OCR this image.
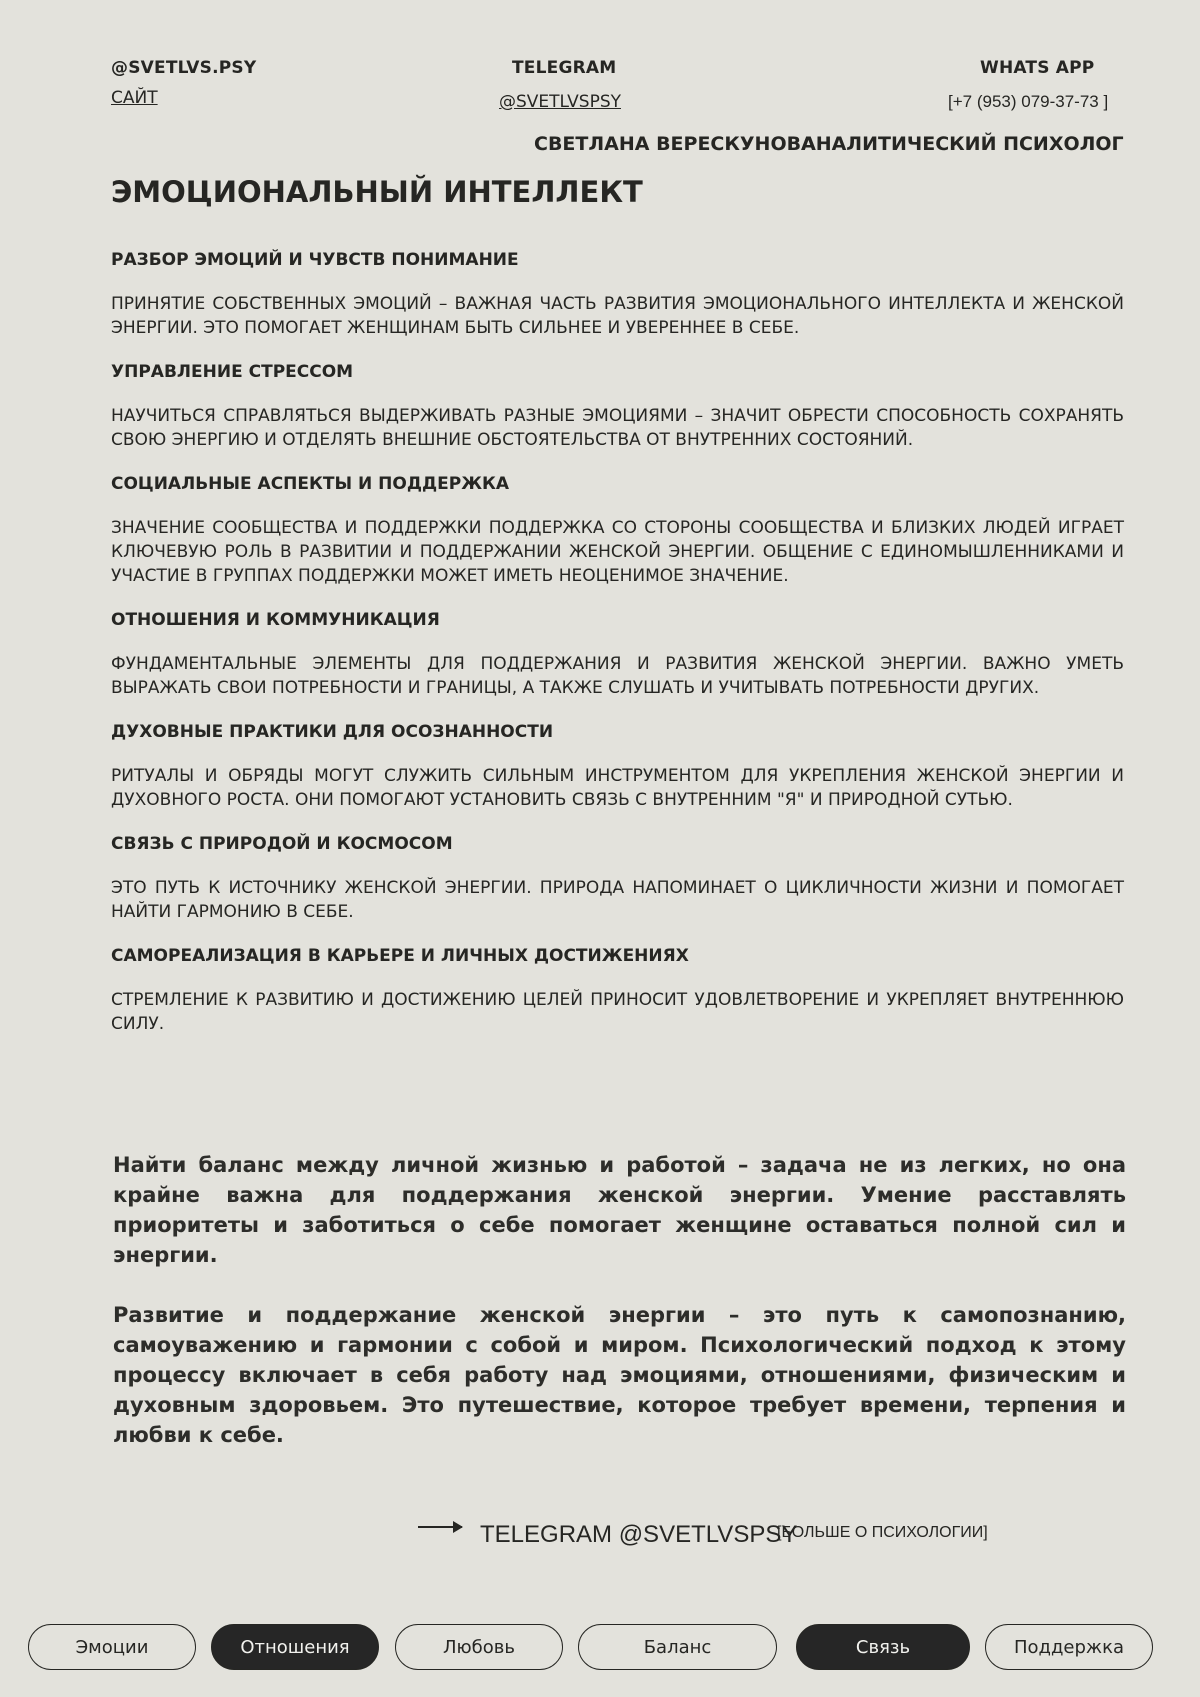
@SVETLVS.PSY
САЙТ
TELEGRAM
@SVETLVSPSY
WHATS APP
[+7 (953) 079-37-73 ]
СВЕТЛАНА ВЕРЕСКУНОВА
АНАЛИТИЧЕСКИЙ ПСИХОЛОГ
ЭМОЦИОНАЛЬНЫЙ ИНТЕЛЛЕКТ
РАЗБОР ЭМОЦИЙ И ЧУВСТВ ПОНИМАНИЕ

ПРИНЯТИЕ СОБСТВЕННЫХ ЭМОЦИЙ – ВАЖНАЯ ЧАСТЬ РАЗВИТИЯ ЭМОЦИОНАЛЬНОГО ИНТЕЛЛЕКТА И ЖЕНСКОЙ ЭНЕРГИИ. ЭТО ПОМОГАЕТ ЖЕНЩИНАМ БЫТЬ СИЛЬНЕЕ И УВЕРЕННЕЕ В СЕБЕ.

УПРАВЛЕНИЕ СТРЕССОМ

НАУЧИТЬСЯ СПРАВЛЯТЬСЯ ВЫДЕРЖИВАТЬ РАЗНЫЕ ЭМОЦИЯМИ – ЗНАЧИТ ОБРЕСТИ СПОСОБНОСТЬ СОХРАНЯТЬ СВОЮ ЭНЕРГИЮ И ОТДЕЛЯТЬ ВНЕШНИЕ ОБСТОЯТЕЛЬСТВА ОТ ВНУТРЕННИХ СОСТОЯНИЙ.

СОЦИАЛЬНЫЕ АСПЕКТЫ И ПОДДЕРЖКА

ЗНАЧЕНИЕ СООБЩЕСТВА И ПОДДЕРЖКИ ПОДДЕРЖКА СО СТОРОНЫ СООБЩЕСТВА И БЛИЗКИХ ЛЮДЕЙ ИГРАЕТ КЛЮЧЕВУЮ РОЛЬ В РАЗВИТИИ И ПОДДЕРЖАНИИ ЖЕНСКОЙ ЭНЕРГИИ. ОБЩЕНИЕ С ЕДИНОМЫШЛЕННИКАМИ И УЧАСТИЕ В ГРУППАХ ПОДДЕРЖКИ МОЖЕТ ИМЕТЬ НЕОЦЕНИМОЕ ЗНАЧЕНИЕ.

ОТНОШЕНИЯ И КОММУНИКАЦИЯ

ФУНДАМЕНТАЛЬНЫЕ ЭЛЕМЕНТЫ ДЛЯ ПОДДЕРЖАНИЯ И РАЗВИТИЯ ЖЕНСКОЙ ЭНЕРГИИ. ВАЖНО УМЕТЬ ВЫРАЖАТЬ СВОИ ПОТРЕБНОСТИ И ГРАНИЦЫ, А ТАКЖЕ СЛУШАТЬ И УЧИТЫВАТЬ ПОТРЕБНОСТИ ДРУГИХ.

ДУХОВНЫЕ ПРАКТИКИ ДЛЯ ОСОЗНАННОСТИ

РИТУАЛЫ И ОБРЯДЫ МОГУТ СЛУЖИТЬ СИЛЬНЫМ ИНСТРУМЕНТОМ ДЛЯ УКРЕПЛЕНИЯ ЖЕНСКОЙ ЭНЕРГИИ И ДУХОВНОГО РОСТА. ОНИ ПОМОГАЮТ УСТАНОВИТЬ СВЯЗЬ С ВНУТРЕННИМ "Я" И ПРИРОДНОЙ СУТЬЮ.

СВЯЗЬ С ПРИРОДОЙ И КОСМОСОМ

ЭТО ПУТЬ К ИСТОЧНИКУ ЖЕНСКОЙ ЭНЕРГИИ. ПРИРОДА НАПОМИНАЕТ О ЦИКЛИЧНОСТИ ЖИЗНИ И ПОМОГАЕТ НАЙТИ ГАРМОНИЮ В СЕБЕ.

САМОРЕАЛИЗАЦИЯ В КАРЬЕРЕ И ЛИЧНЫХ ДОСТИЖЕНИЯХ

СТРЕМЛЕНИЕ К РАЗВИТИЮ И ДОСТИЖЕНИЮ ЦЕЛЕЙ ПРИНОСИТ УДОВЛЕТВОРЕНИЕ И УКРЕПЛЯЕТ ВНУТРЕННЮЮ СИЛУ.

Найти баланс между личной жизнью и работой – задача не из легких, но она крайне важна для поддержания женской энергии. Умение расставлять приоритеты и заботиться о себе помогает женщине оставаться полной сил и энергии.

Развитие и поддержание женской энергии – это путь к самопознанию, самоуважению и гармонии с собой и миром. Психологический подход к этому процессу включает в себя работу над эмоциями, отношениями, физическим и духовным здоровьем. Это путешествие, которое требует времени, терпения и любви к себе.

TELEGRAM @SVETLVSPSY
[БОЛЬШЕ О ПСИХОЛОГИИ]
Эмоции	Отношения	Любовь	Баланс	Связь	Поддержка
